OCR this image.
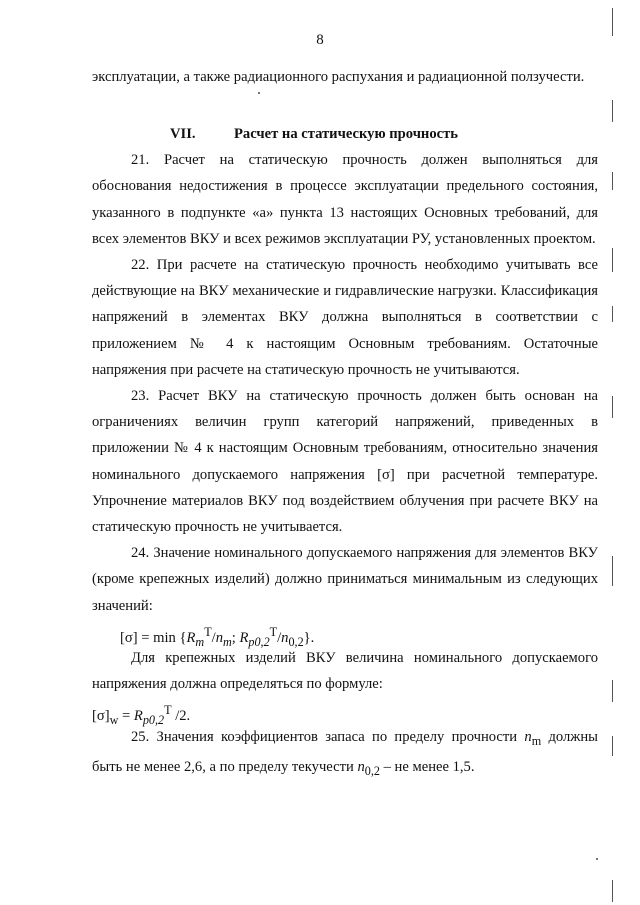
8

эксплуатации, а также радиационного распухания и радиационной ползучести.

VII.	Расчет на статическую прочность

21. Расчет на статическую прочность должен выполняться для обоснования недостижения в процессе эксплуатации предельного состояния, указанного в подпункте «а» пункта 13 настоящих Основных требований, для всех элементов ВКУ и всех режимов эксплуатации РУ, установленных проектом.

22. При расчете на статическую прочность необходимо учитывать все действующие на ВКУ механические и гидравлические нагрузки. Классификация напряжений в элементах ВКУ должна выполняться в соответствии с приложением № 4 к настоящим Основным требованиям. Остаточные напряжения при расчете на статическую прочность не учитываются.

23. Расчет ВКУ на статическую прочность должен быть основан на ограничениях величин групп категорий напряжений, приведенных в приложении № 4 к настоящим Основным требованиям, относительно значения номинального допускаемого напряжения [σ] при расчетной температуре. Упрочнение материалов ВКУ под воздействием облучения при расчете ВКУ на статическую прочность не учитывается.

24. Значение номинального допускаемого напряжения для элементов ВКУ (кроме крепежных изделий) должно приниматься минимальным из следующих значений:

$[\sigma] = \min \{R_m^T/n_m$; $R_{p0,2}^T/n_{0,2}$}.

Для крепежных изделий ВКУ величина номинального допускаемого напряжения должна определяться по формуле:

$[\sigma]_w = R_{p0,2}^T$ /2.

25. Значения коэффициентов запаса по пределу прочности $n_m$ должны быть не менее 2,6, а по пределу текучести $n_{0,2}$ – не менее 1,5.
